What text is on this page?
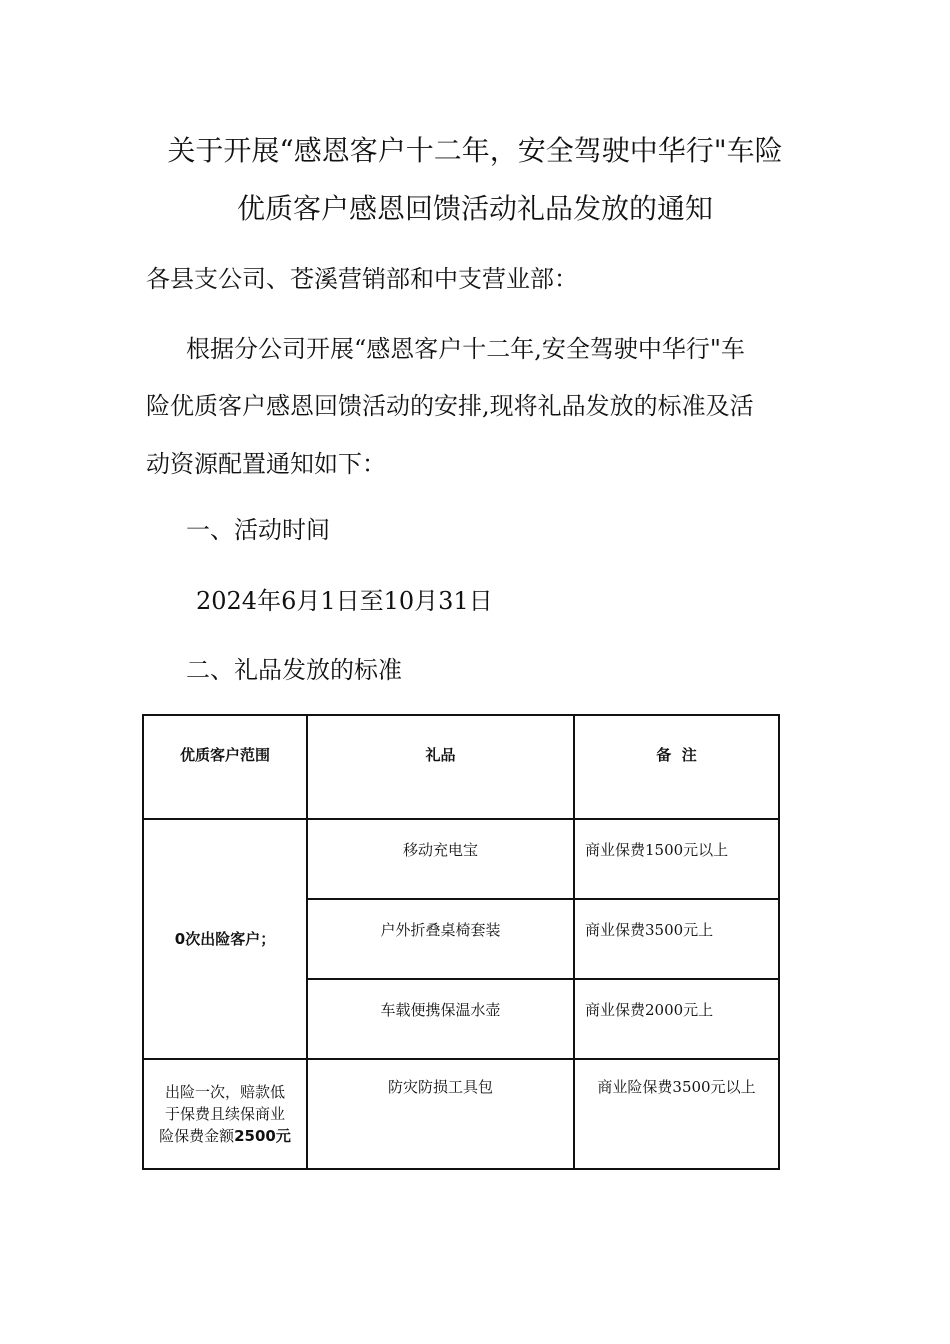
关于开展“感恩客户十二年，安全驾驶中华行"车险
优质客户感恩回馈活动礼品发放的通知
各县支公司、苍溪营销部和中支营业部：
根据分公司开展“感恩客户十二年,安全驾驶中华行"车
险优质客户感恩回馈活动的安排,现将礼品发放的标准及活
动资源配置通知如下：
一、活动时间
2024年6月1日至10月31日
二、礼品发放的标准
优质客户范围	礼品	备  注
0次出险客户；	移动充电宝	商业保费1500元以上
	户外折叠桌椅套装	商业保费3500元上
	车载便携保温水壶	商业保费2000元上

出险一次，赔款低
于保费且续保商业
险保费金额2500元	防灾防损工具包	商业险保费3500元以上
